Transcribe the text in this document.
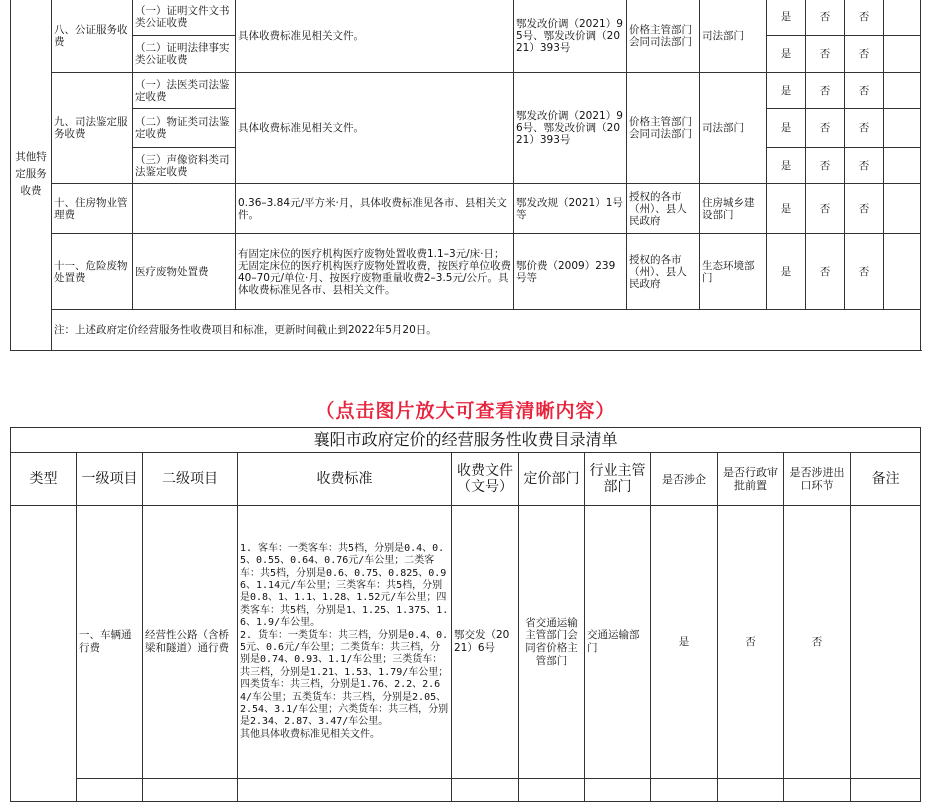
其他特定服务收费	八、公证服务收费	（一）证明文件文书类公证收费	具体收费标准见相关文件。	鄂发改价调（2021）95号、鄂发改价调（2021）393号	价格主管部门会同司法部门	司法部门	是	否	否	
		（二）证明法律事实类公证收费					是	否	否	
	九、司法鉴定服务收费	（一）法医类司法鉴定收费	具体收费标准见相关文件。	鄂发改价调（2021）96号、鄂发改价调（2021）393号	价格主管部门会同司法部门	司法部门	是	否	否	
		（二）物证类司法鉴定收费					是	否	否	
		（三）声像资料类司法鉴定收费					是	否	否	
	十、住房物业管理费		0.36–3.84元/平方米·月，具体收费标准见各市、县相关文件。	鄂发改规（2021）1号等	授权的各市（州）、县人民政府	住房城乡建设部门	是	否	否	
	十一、危险废物处置费	医疗废物处置费	有固定床位的医疗机构医疗废物处置收费1.1–3元/床·日；无固定床位的医疗机构医疗废物处置收费，按医疗单位收费40–70元/单位·月、按医疗废物重量收费2–3.5元/公斤。具体收费标准见各市、县相关文件。	鄂价费（2009）239号等	授权的各市（州）、县人民政府	生态环境部门	是	否	否	
	注：上述政府定价经营服务性收费项目和标准，更新时间截止到2022年5月20日。									
（点击图片放大可查看清晰内容）
襄阳市政府定价的经营服务性收费目录清单										
类型	一级项目	二级项目	收费标准	收费文件（文号）	定价部门	行业主管部门	是否涉企	是否行政审批前置	是否涉进出口环节	备注
	一、车辆通行费	经营性公路（含桥梁和隧道）通行费	1. 客车：一类客车：共5档，分别是0.4、0.5、0.55、0.64、0.76元/车公里；二类客车：共5档，分别是0.6、0.75、0.825、0.96、1.14元/车公里；三类客车：共5档，分别是0.8、1、1.1、1.28、1.52元/车公里；四类客车：共5档，分别是1、1.25、1.375、1.6、1.9/车公里。
2. 货车：一类货车：共三档，分别是0.4、0.5元、0.6元/车公里；二类货车：共三档，分别是0.74、0.93、1.1/车公里；三类货车：共三档，分别是1.21、1.53、1.79/车公里；四类货车：共三档，分别是1.76、2.2、2.64/车公里；五类货车：共三档，分别是2.05、2.54、3.1/车公里；六类货车：共三档，分别是2.34、2.87、3.47/车公里。
其他具体收费标准见相关文件。	鄂交发（2021）6号	省交通运输主管部门会同省价格主管部门	交通运输部门	是	否	否	
